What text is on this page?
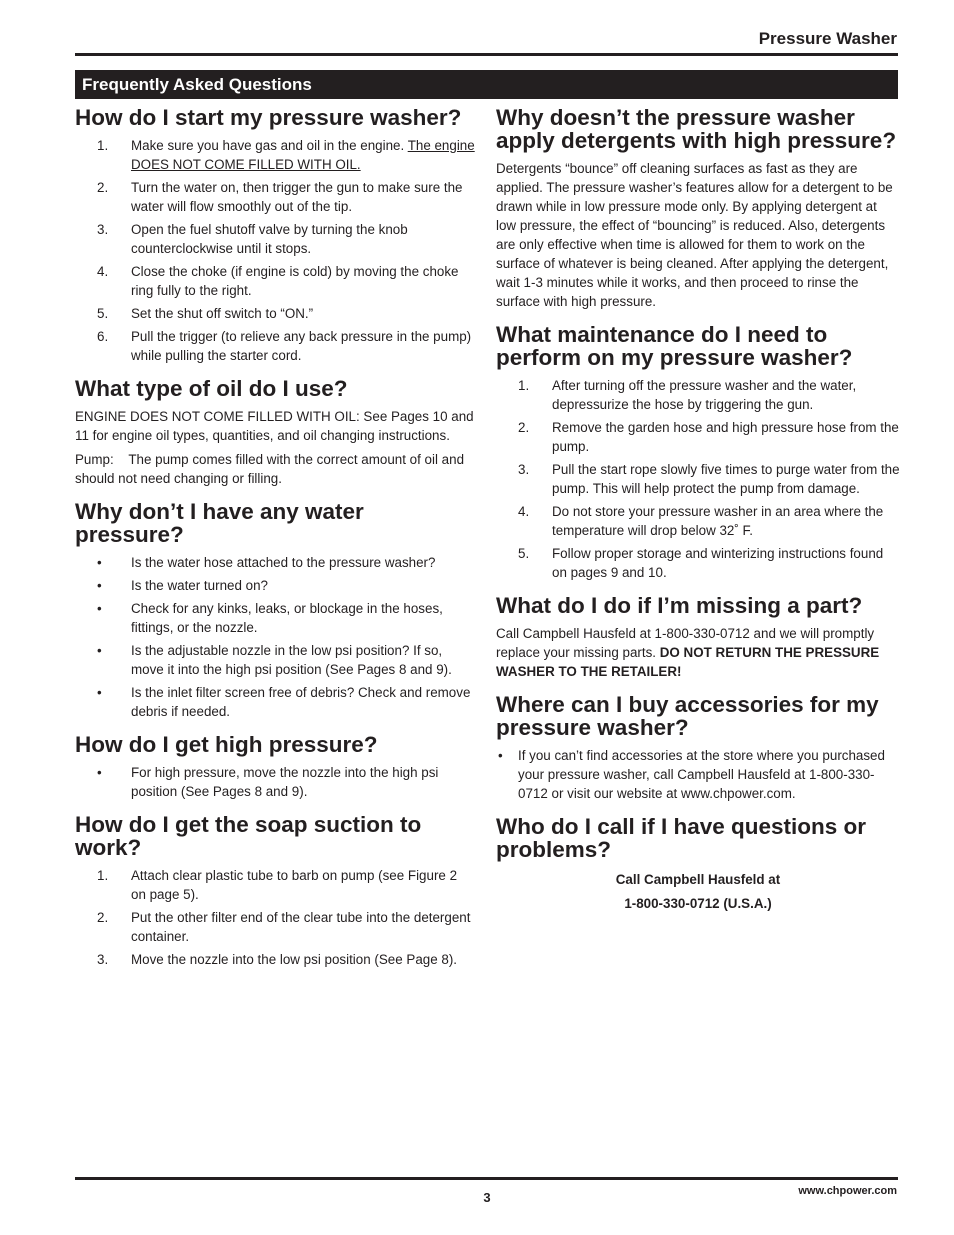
Pressure Washer
Frequently Asked Questions
How do I start my pressure washer?
1. Make sure you have gas and oil in the engine. The engine DOES NOT COME FILLED WITH OIL.
2. Turn the water on, then trigger the gun to make sure the water will flow smoothly out of the tip.
3. Open the fuel shutoff valve by turning the knob counterclockwise until it stops.
4. Close the choke (if engine is cold) by moving the choke ring fully to the right.
5. Set the shut off switch to “ON.”
6. Pull the trigger (to relieve any back pressure in the pump) while pulling the starter cord.
What type of oil do I use?

ENGINE DOES NOT COME FILLED WITH OIL: See Pages 10 and 11 for engine oil types, quantities, and oil changing instructions.

Pump:    The pump comes filled with the correct amount of oil and should not need changing or filling.

Why don’t I have any water pressure?
• Is the water hose attached to the pressure washer?
• Is the water turned on?
• Check for any kinks, leaks, or blockage in the hoses, fittings, or the nozzle.
• Is the adjustable nozzle in the low psi position? If so, move it into the high psi position (See Pages 8 and 9).
• Is the inlet filter screen free of debris? Check and remove debris if needed.
How do I get high pressure?
• For high pressure, move the nozzle into the high psi position (See Pages 8 and 9).
How do I get the soap suction to work?
1. Attach clear plastic tube to barb on pump (see Figure 2 on page 5).
2. Put the other filter end of the clear tube into the detergent container.
3. Move the nozzle into the low psi position (See Page 8).
Why doesn’t the pressure washer apply detergents with high pressure?

Detergents “bounce” off cleaning surfaces as fast as they are applied. The pressure washer’s features allow for a detergent to be drawn while in low pressure mode only. By applying detergent at low pressure, the effect of “bouncing” is reduced. Also, detergents are only effective when time is allowed for them to work on the surface of whatever is being cleaned. After applying the detergent, wait 1-3 minutes while it works, and then proceed to rinse the surface with high pressure.

What maintenance do I need to perform on my pressure washer?
1. After turning off the pressure washer and the water, depressurize the hose by triggering the gun.
2. Remove the garden hose and high pressure hose from the pump.
3. Pull the start rope slowly five times to purge water from the pump. This will help protect the pump from damage.
4. Do not store your pressure washer in an area where the temperature will drop below 32˚ F.
5. Follow proper storage and winterizing instructions found on pages 9 and 10.
What do I do if I’m missing a part?

Call Campbell Hausfeld at 1-800-330-0712 and we will promptly replace your missing parts. DO NOT RETURN THE PRESSURE WASHER TO THE RETAILER!

Where can I buy accessories for my pressure washer?
• If you can’t find accessories at the store where you purchased your pressure washer, call Campbell Hausfeld at 1-800-330-0712 or visit our website at www.chpower.com.
Who do I call if I have questions or problems?

Call Campbell Hausfeld at

1-800-330-0712 (U.S.A.)

3	www.chpower.com
